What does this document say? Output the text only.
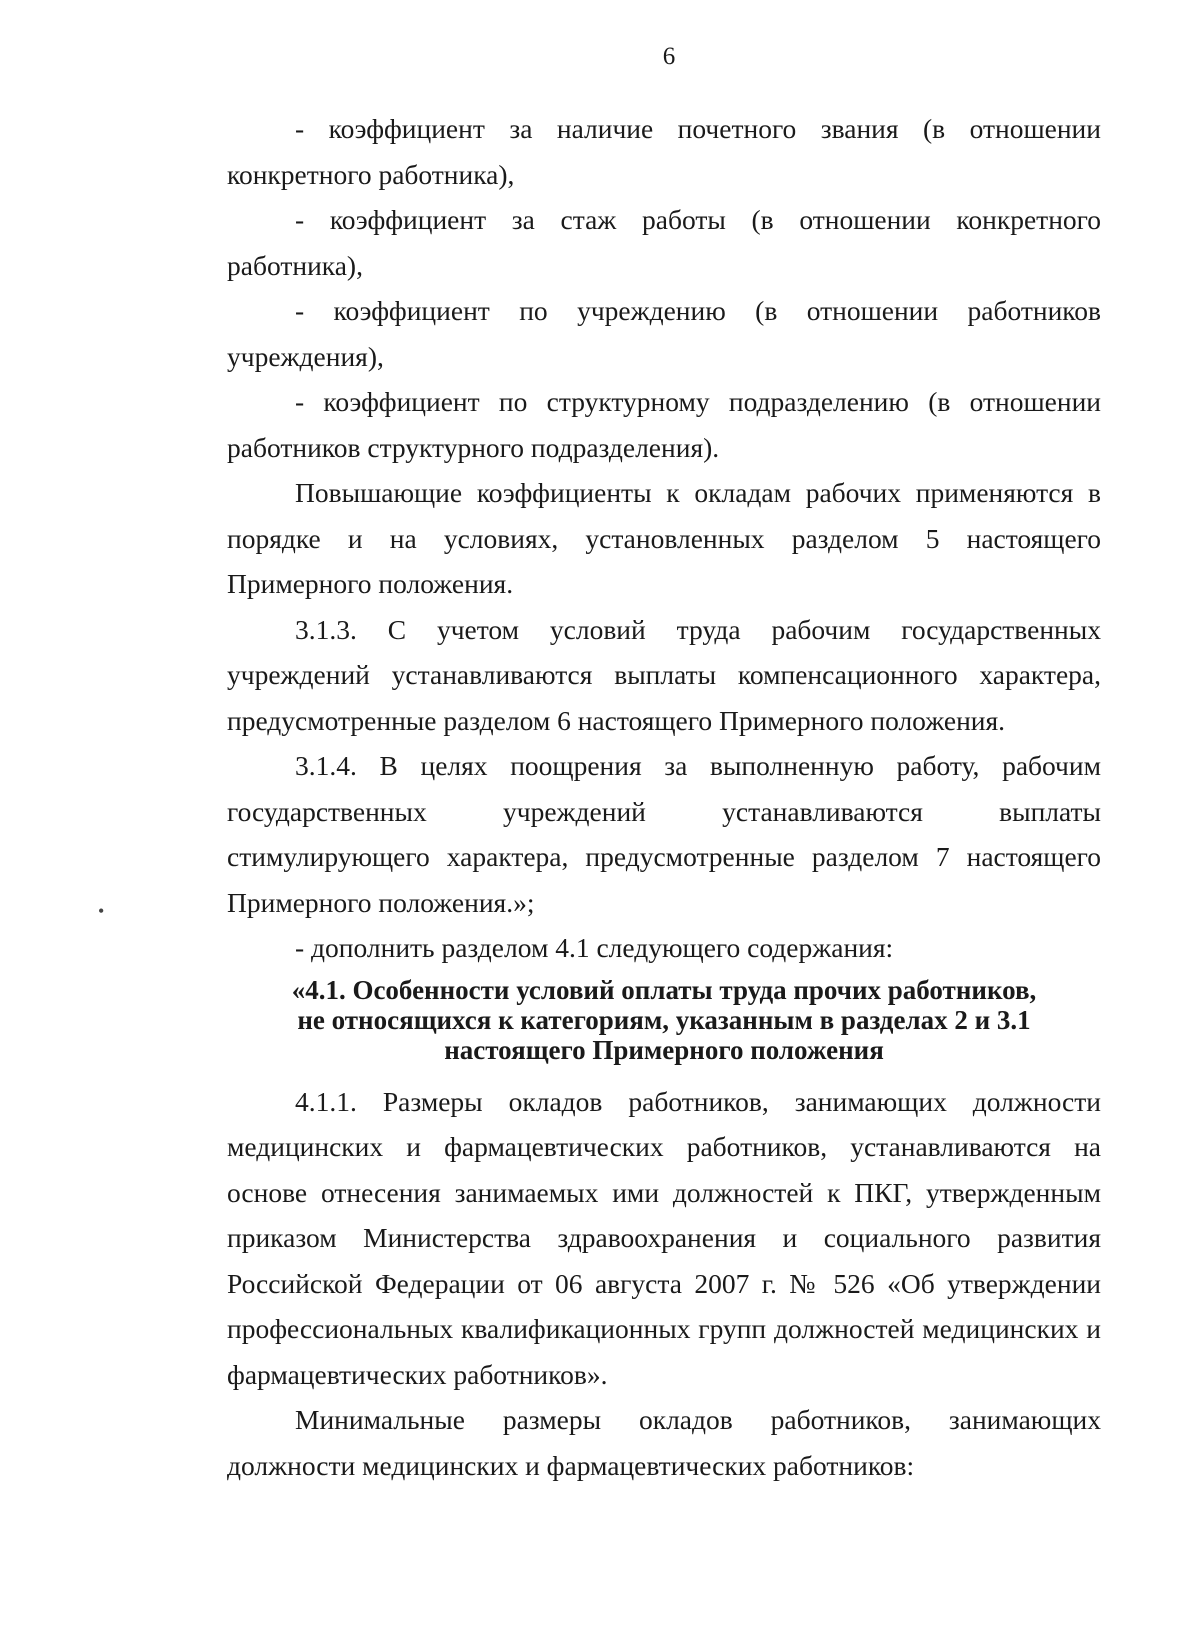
6
•

- коэффициент за наличие почетного звания (в отношении конкретного работника),

- коэффициент за стаж работы (в отношении конкретного работника),

- коэффициент по учреждению (в отношении работников учреждения),

- коэффициент по структурному подразделению (в отношении работников структурного подразделения).

Повышающие коэффициенты к окладам рабочих применяются в порядке и на условиях, установленных разделом 5 настоящего Примерного положения.

3.1.3. С учетом условий труда рабочим государственных учреждений устанавливаются выплаты компенсационного характера, предусмотренные разделом 6 настоящего Примерного положения.

3.1.4. В целях поощрения за выполненную работу, рабочим государственных учреждений устанавливаются выплаты стимулирующего характера, предусмотренные разделом 7 настоящего Примерного положения.»;

- дополнить разделом 4.1 следующего содержания:

«4.1. Особенности условий оплаты труда прочих работников,
не относящихся к категориям, указанным в разделах 2 и 3.1
настоящего Примерного положения

4.1.1. Размеры окладов работников, занимающих должности медицинских и фармацевтических работников, устанавливаются на основе отнесения занимаемых ими должностей к ПКГ, утвержденным приказом Министерства здравоохранения и социального развития Российской Федерации от 06 августа 2007 г. № 526 «Об утверждении профессиональных квалификационных групп должностей медицинских и фармацевтических работников».

Минимальные размеры окладов работников, занимающих должности медицинских и фармацевтических работников:
